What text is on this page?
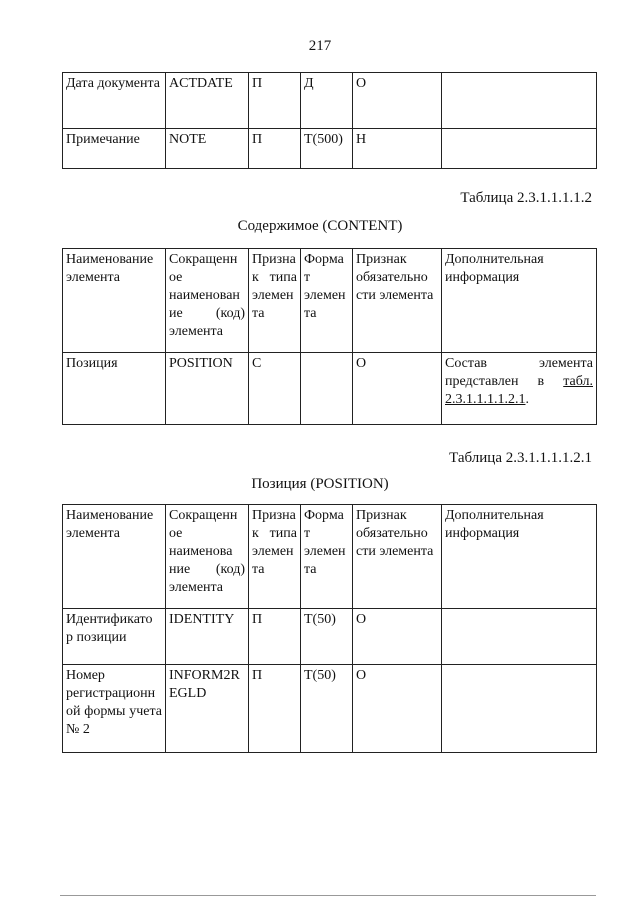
217
Дата документа	ACTDATE	П	Д	О	
Примечание	NOTE	П	Т(500)	Н	
Таблица 2.3.1.1.1.1.2
Содержимое (CONTENT)
Наименование элемента	Сокращенн ое наименован ие (код) элемента	Призна к типа элемен та	Форма т элемен та	Признак обязательно сти элемента	Дополнительная информация
Позиция	POSITION	С		О	Состав элемента представлен в табл. 2.3.1.1.1.1.2.1.
Таблица 2.3.1.1.1.1.2.1
Позиция (POSITION)
Наименование элемента	Сокращенн ое наименова ние (код) элемента	Призна к типа элемен та	Форма т элемен та	Признак обязательно сти элемента	Дополнительная информация
Идентификато р позиции	IDENTITY	П	Т(50)	О	
Номер регистрационн ой формы учета № 2	INFORM2R EGLD	П	Т(50)	О	
